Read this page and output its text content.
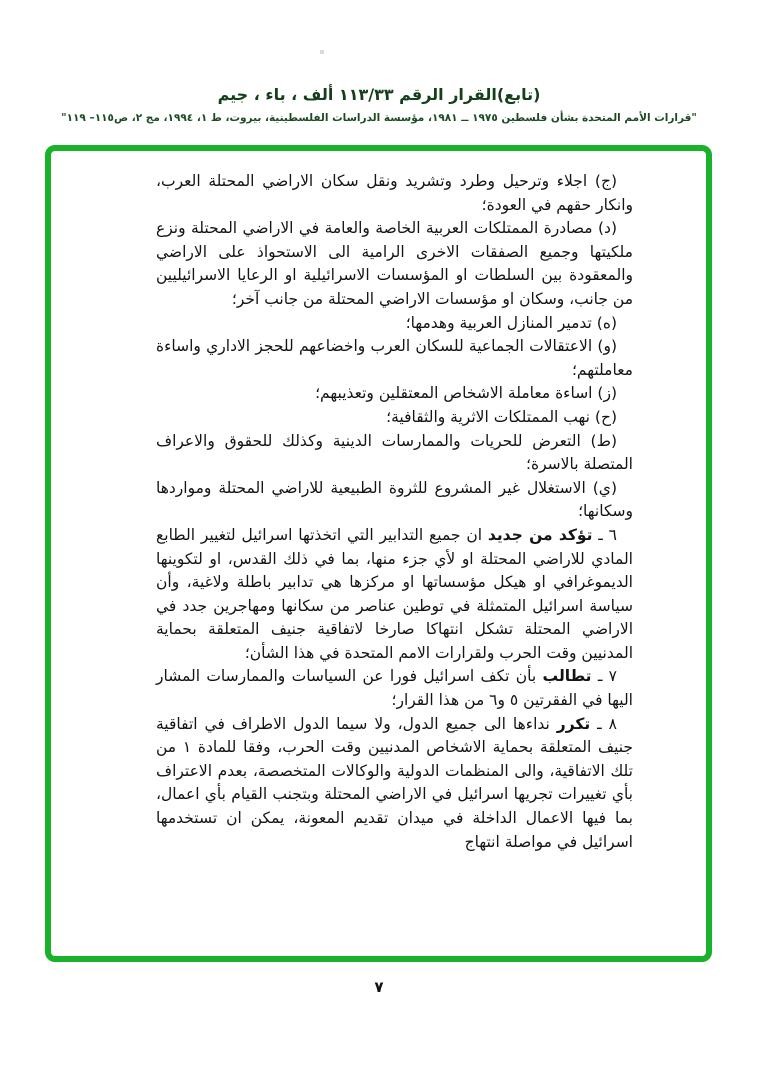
(تابع)القرار الرقم ١١٣/٣٣ ألف ، باء ، جيم
"قرارات الأمم المتحدة بشأن فلسطين ١٩٧٥ ــ ١٩٨١، مؤسسة الدراسات الفلسطينية، بيروت، ط ١، ١٩٩٤، مج ٢، ص١١٥– ١١٩"

(ج) اجلاء وترحيل وطرد وتشريد ونقل سكان الاراضي المحتلة العرب، وانكار حقهم في العودة؛

(د) مصادرة الممتلكات العربية الخاصة والعامة في الاراضي المحتلة ونزع ملكيتها وجميع الصفقات الاخرى الرامية الى الاستحواذ على الاراضي والمعقودة بين السلطات او المؤسسات الاسرائيلية او الرعايا الاسرائيليين من جانب، وسكان او مؤسسات الاراضي المحتلة من جانب آخر؛

(ه) تدمير المنازل العربية وهدمها؛

(و) الاعتقالات الجماعية للسكان العرب واخضاعهم للحجز الاداري واساءة معاملتهم؛

(ز) اساءة معاملة الاشخاص المعتقلين وتعذيبهم؛

(ح) نهب الممتلكات الاثرية والثقافية؛

(ط) التعرض للحريات والممارسات الدينية وكذلك للحقوق والاعراف المتصلة بالاسرة؛

(ي) الاستغلال غير المشروع للثروة الطبيعية للاراضي المحتلة ومواردها وسكانها؛

٦ ـ تؤكد من جديد ان جميع التدابير التي اتخذتها اسرائيل لتغيير الطابع المادي للاراضي المحتلة او لأي جزء منها، بما في ذلك القدس، او لتكوينها الديموغرافي او هيكل مؤسساتها او مركزها هي تدابير باطلة ولاغية، وأن سياسة اسرائيل المتمثلة في توطين عناصر من سكانها ومهاجرين جدد في الاراضي المحتلة تشكل انتهاكا صارخا لاتفاقية جنيف المتعلقة بحماية المدنيين وقت الحرب ولقرارات الامم المتحدة في هذا الشأن؛

٧ ـ تطالب بأن تكف اسرائيل فورا عن السياسات والممارسات المشار اليها في الفقرتين ٥ و٦ من هذا القرار؛

٨ ـ تكرر نداءها الى جميع الدول، ولا سيما الدول الاطراف في اتفاقية جنيف المتعلقة بحماية الاشخاص المدنيين وقت الحرب، وفقا للمادة ١ من تلك الاتفاقية، والى المنظمات الدولية والوكالات المتخصصة، بعدم الاعتراف بأي تغييرات تجريها اسرائيل في الاراضي المحتلة وبتجنب القيام بأي اعمال، بما فيها الاعمال الداخلة في ميدان تقديم المعونة، يمكن ان تستخدمها اسرائيل في مواصلة انتهاج

٧
